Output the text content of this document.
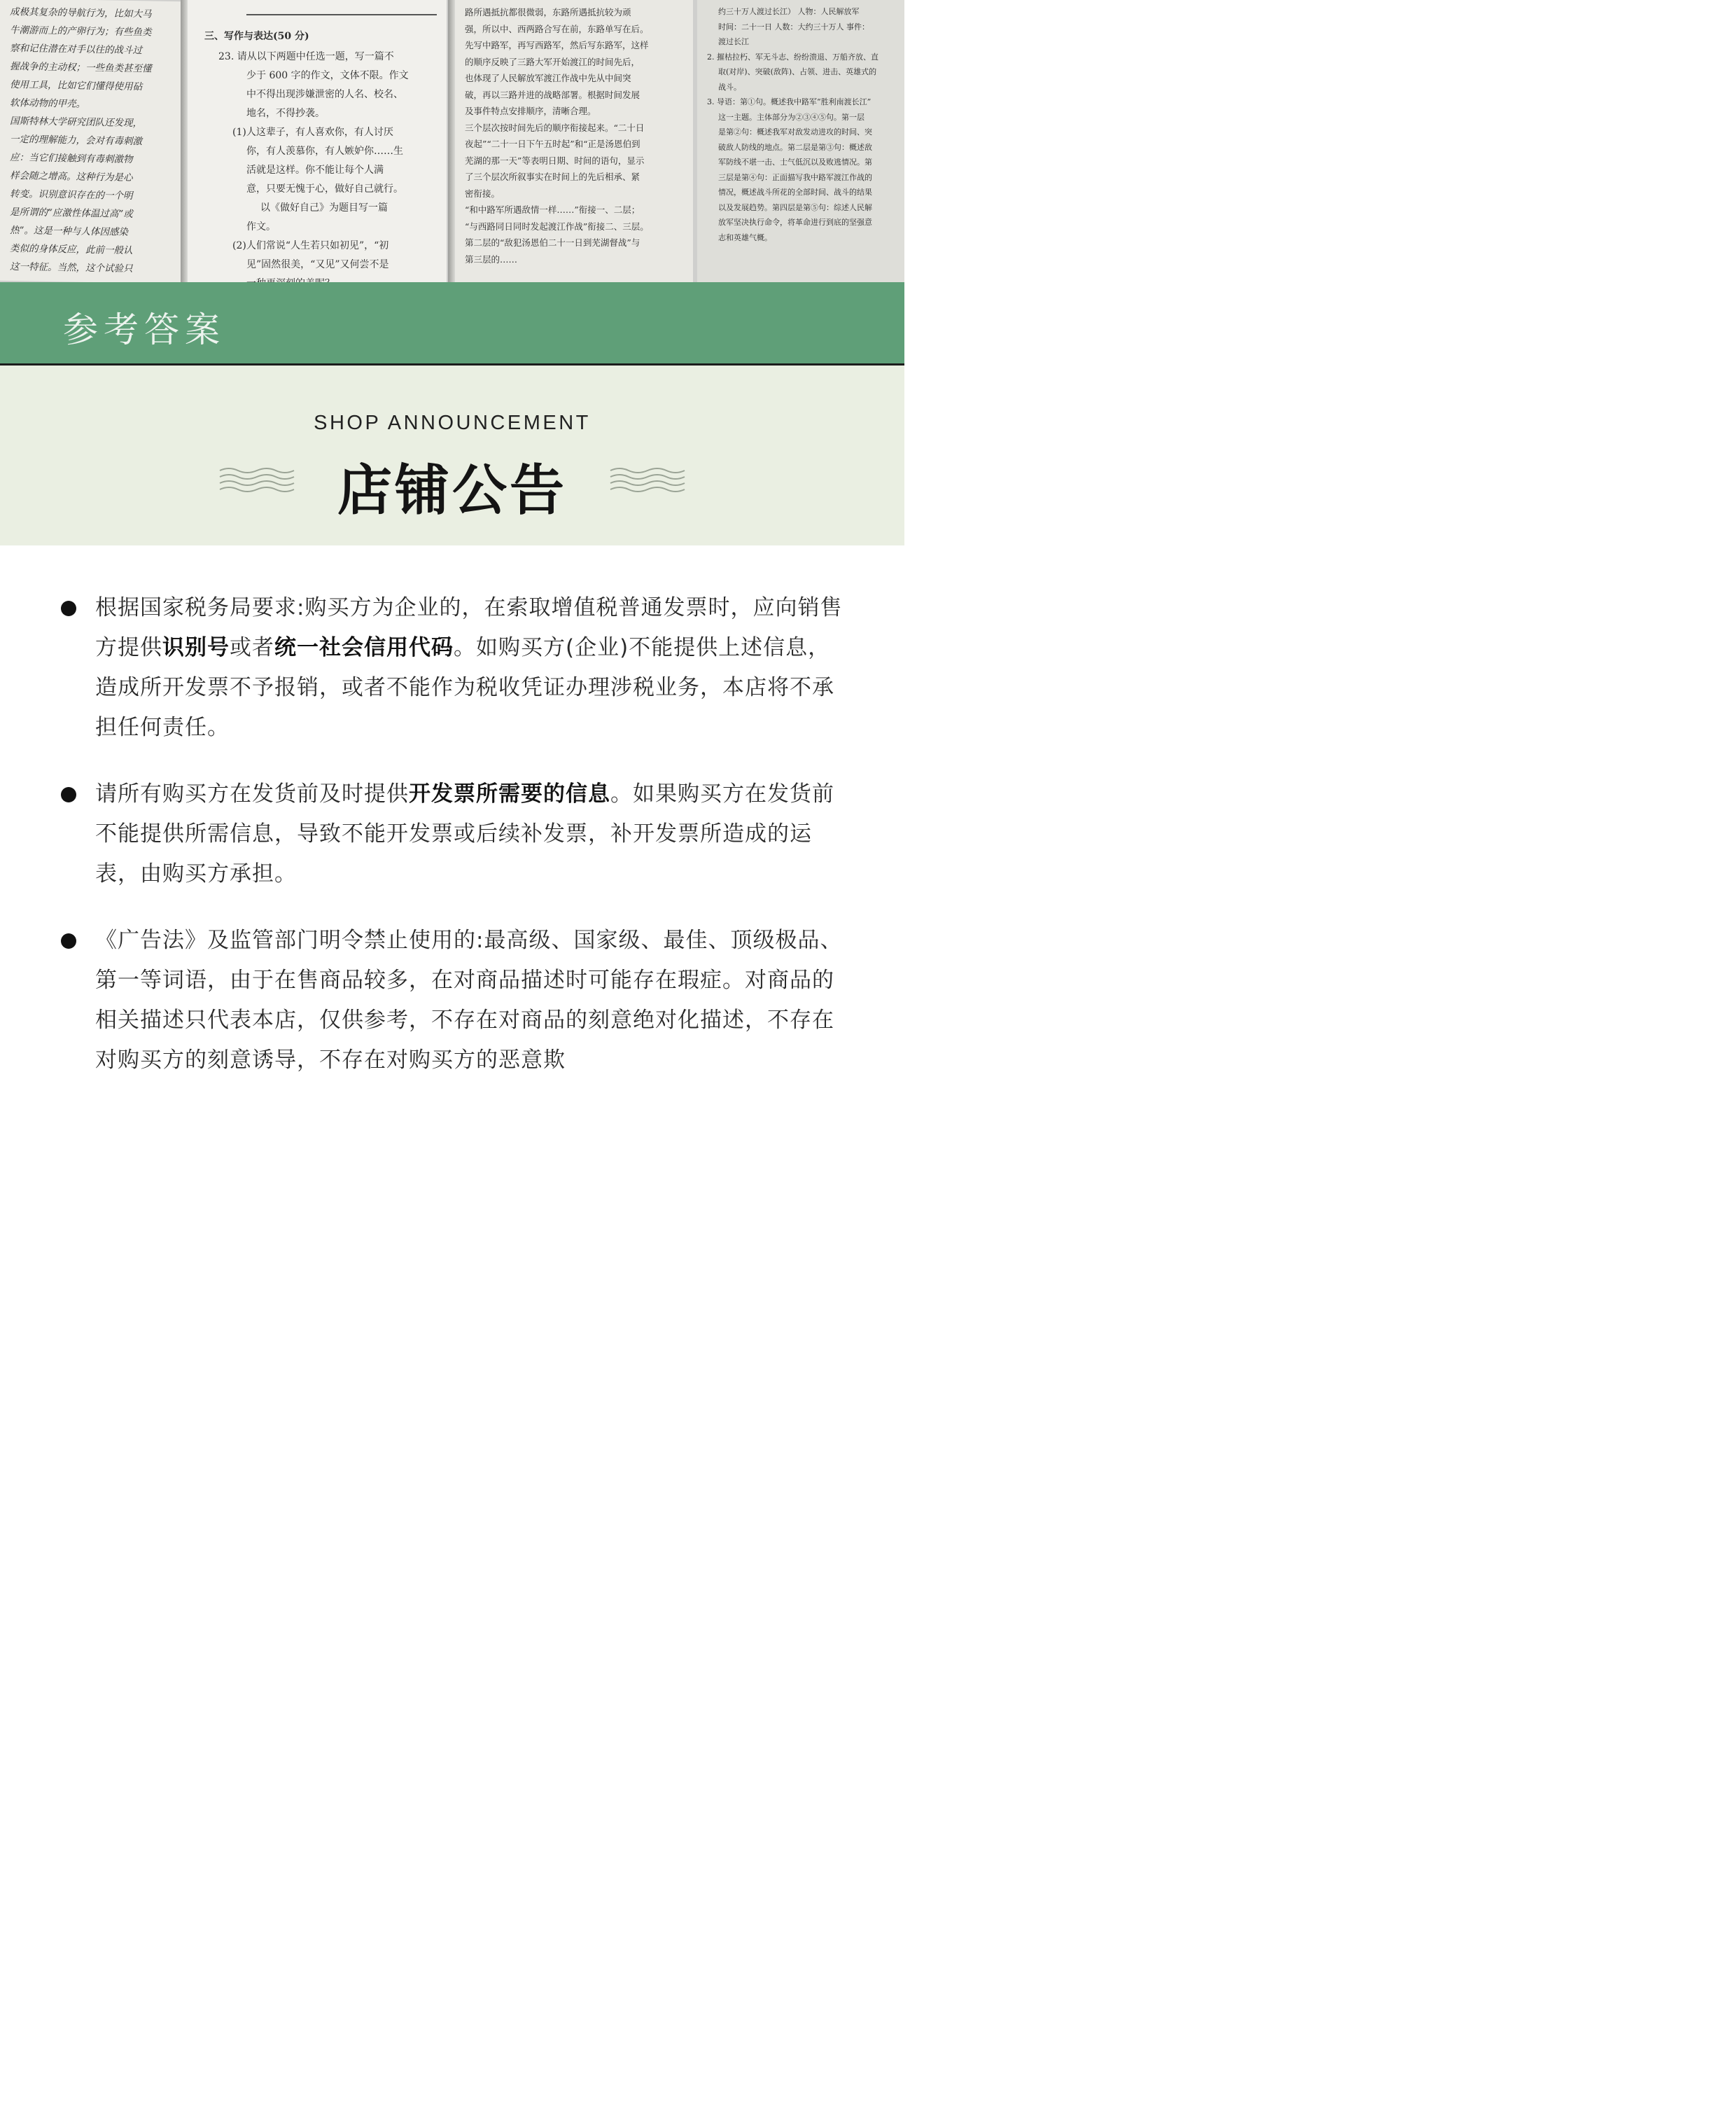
成极其复杂的导航行为，比如大马

牛潮游而上的产卵行为；有些鱼类

察和记住潜在对手以往的战斗过

握战争的主动权；一些鱼类甚至懂

使用工具，比如它们懂得使用砧

软体动物的甲壳。

国斯特林大学研究团队还发现，

一定的理解能力，会对有毒刺激

应：当它们接触到有毒刺激物

样会随之增高。这种行为是心

转变。识别意识存在的一个明

是所谓的“应激性体温过高”或

热”。这是一种与人体因感染

类似的身体反应，此前一般认

这一特征。当然，这个试验只

三、写作与表达(50 分)

23. 请从以下两题中任选一题，写一篇不

少于 600 字的作文，文体不限。作文

中不得出现涉嫌泄密的人名、校名、

地名，不得抄袭。

(1)人这辈子，有人喜欢你，有人讨厌

你，有人羡慕你，有人嫉妒你……生

活就是这样。你不能让每个人满

意，只要无愧于心，做好自己就行。

以《做好自己》为题目写一篇

作文。

(2)人们常说“人生若只如初见”，“初

见”固然很美，“又见”又何尝不是

路所遇抵抗都很微弱，东路所遇抵抗较为顽

强，所以中、西两路合写在前，东路单写在后。

先写中路军，再写西路军，然后写东路军，这样

的顺序反映了三路大军开始渡江的时间先后，

也体现了人民解放军渡江作战中先从中间突

破，再以三路并进的战略部署。根据时间发展

及事件特点安排顺序，清晰合理。

三个层次按时间先后的顺序衔接起来。“二十日

夜起”“二十一日下午五时起”和“正是汤恩伯到

芜湖的那一天”等表明日期、时间的语句，显示

了三个层次所叙事实在时间上的先后相承、紧

密衔接。

“和中路军所遇敌情一样……”衔接一、二层；

“与西路同日同时发起渡江作战”衔接二、三层。

第二层的“敌犯汤恩伯二十一日到芜湖督战”与

第三层的……

约三十万人渡过长江） 人物：人民解放军

时间：二十一日 人数：大约三十万人 事件：

渡过长江

2. 摧枯拉朽、军无斗志、纷纷溃退、万船齐放、直

取(对岸)、突破(敌阵)、占领、进击、英雄式的

战斗。

3. 导语：第①句。概述我中路军“胜利南渡长江”

这一主题。主体部分为②③④⑤句。第一层

是第②句：概述我军对敌发动进攻的时间、突

破敌人防线的地点。第二层是第③句：概述敌

军防线不堪一击、士气低沉以及败逃情况。第

三层是第④句：正面描写我中路军渡江作战的

情况，概述战斗所花的全部时间、战斗的结果

以及发展趋势。第四层是第⑤句：综述人民解

放军坚决执行命令，将革命进行到底的坚强意

志和英雄气概。

参考答案
SHOP ANNOUNCEMENT
店铺公告
根据国家税务局要求:购买方为企业的，在索取增值税普通发票时，应向销售方提供识别号或者统一社会信用代码。如购买方(企业)不能提供上述信息，造成所开发票不予报销，或者不能作为税收凭证办理涉税业务，本店将不承担任何责任。
请所有购买方在发货前及时提供开发票所需要的信息。如果购买方在发货前不能提供所需信息，导致不能开发票或后续补发票，补开发票所造成的运表，由购买方承担。
《广告法》及监管部门明令禁止使用的:最高级、国家级、最佳、顶级极品、第一等词语，由于在售商品较多，在对商品描述时可能存在瑕症。对商品的相关描述只代表本店，仅供参考，不存在对商品的刻意绝对化描述，不存在对购买方的刻意诱导，不存在对购买方的恶意欺
